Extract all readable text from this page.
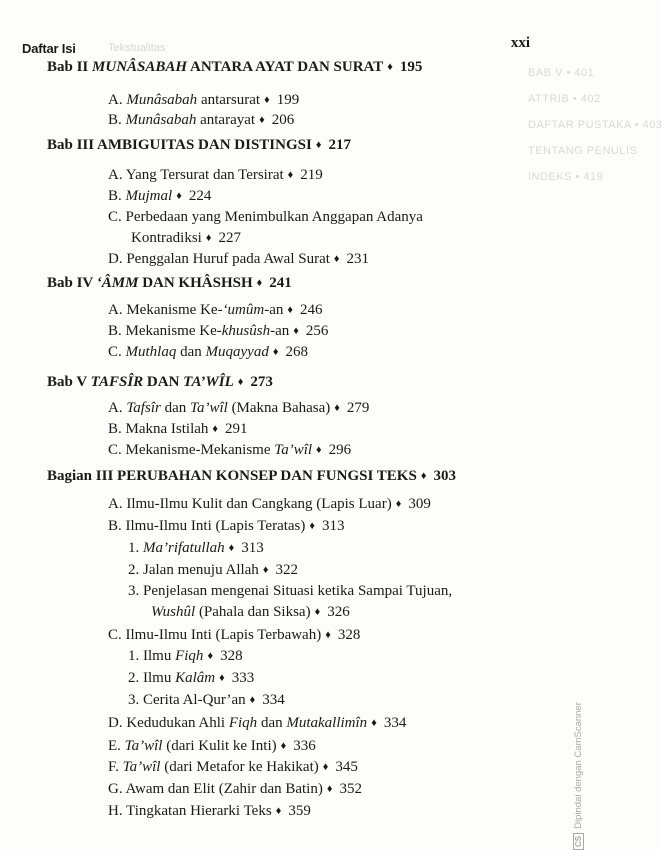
Daftar Isi	xxi
Tekstualitas
BAB V • 401
ATTRIB • 402
DAFTAR PUSTAKA • 403
TENTANG PENULIS
INDEKS • 419
Bab II MUNÂSABAH ANTARA AYAT DAN SURAT ♦ 195
A. Munâsabah antarsurat ♦ 199
B. Munâsabah antarayat ♦ 206
Bab III AMBIGUITAS DAN DISTINGSI ♦ 217
A. Yang Tersurat dan Tersirat ♦ 219
B. Mujmal ♦ 224
C. Perbedaan yang Menimbulkan Anggapan Adanya
Kontradiksi ♦ 227
D. Penggalan Huruf pada Awal Surat ♦ 231
Bab IV ‘ÂMM DAN KHÂSHSH ♦ 241
A. Mekanisme Ke-‘umûm-an ♦ 246
B. Mekanisme Ke-khusûsh-an ♦ 256
C. Muthlaq dan Muqayyad ♦ 268
Bab V TAFSÎR DAN TA’WÎL ♦ 273
A. Tafsîr dan Ta’wîl (Makna Bahasa) ♦ 279
B. Makna Istilah ♦ 291
C. Mekanisme-Mekanisme Ta’wîl ♦ 296
Bagian III PERUBAHAN KONSEP DAN FUNGSI TEKS ♦ 303
A. Ilmu-Ilmu Kulit dan Cangkang (Lapis Luar) ♦ 309
B. Ilmu-Ilmu Inti (Lapis Teratas) ♦ 313
1. Ma’rifatullah ♦ 313
2. Jalan menuju Allah ♦ 322
3. Penjelasan mengenai Situasi ketika Sampai Tujuan,
Wushûl (Pahala dan Siksa) ♦ 326
C. Ilmu-Ilmu Inti (Lapis Terbawah) ♦ 328
1. Ilmu Fiqh ♦ 328
2. Ilmu Kalâm ♦ 333
3. Cerita Al-Qur’an ♦ 334
D. Kedudukan Ahli Fiqh dan Mutakallimîn ♦ 334
E. Ta’wîl (dari Kulit ke Inti) ♦ 336
F. Ta’wîl (dari Metafor ke Hakikat) ♦ 345
G. Awam dan Elit (Zahir dan Batin) ♦ 352
H. Tingkatan Hierarki Teks ♦ 359
CSDipindai dengan CamScanner
